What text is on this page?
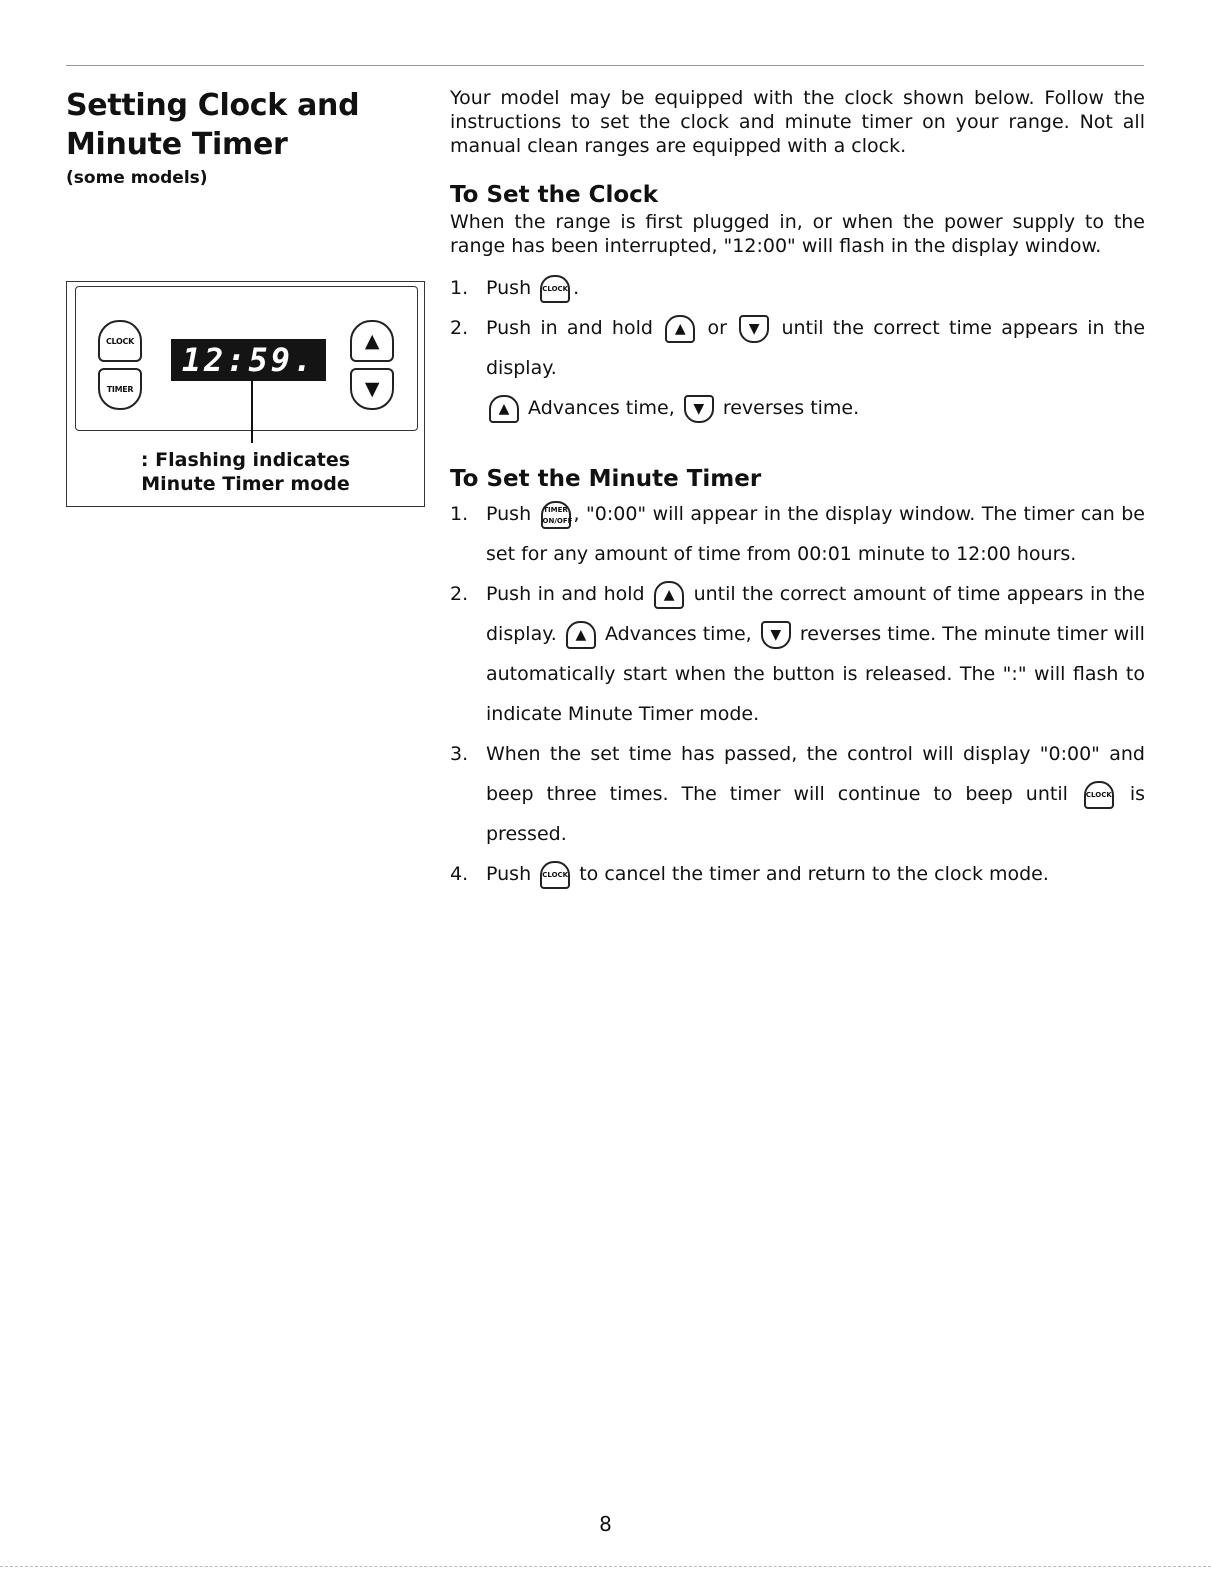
Setting Clock and
Minute Timer
(some models)
CLOCK
TIMER
12:59.	▲
▼
: Flashing indicates
Minute Timer mode

Your model may be equipped with the clock shown below. Follow the instructions to set the clock and minute timer on your range. Not all manual clean ranges are equipped with a clock.

To Set the Clock

When the range is first plugged in, or when the power supply to the range has been interrupted, "12:00" will flash in the display window.

1. Push CLOCK .
2. Push in and hold ▲ or ▼ until the correct time appears in the display.
▲ Advances time, ▼ reverses time.
To Set the Minute Timer
1. Push TIMER
ON/OFF, "0:00" will appear in the display window. The timer can be set for any amount of time from 00:01 minute to 12:00 hours.
2. Push in and hold ▲ until the correct amount of time appears in the display. ▲ Advances time, ▼ reverses time. The minute timer will automatically start when the button is released. The ":" will flash to indicate Minute Timer mode.
3. When the set time has passed, the control will display "0:00" and beep three times. The timer will continue to beep until	CLOCK is pressed.
4. Push CLOCK to cancel the timer and return to the clock mode.
8
